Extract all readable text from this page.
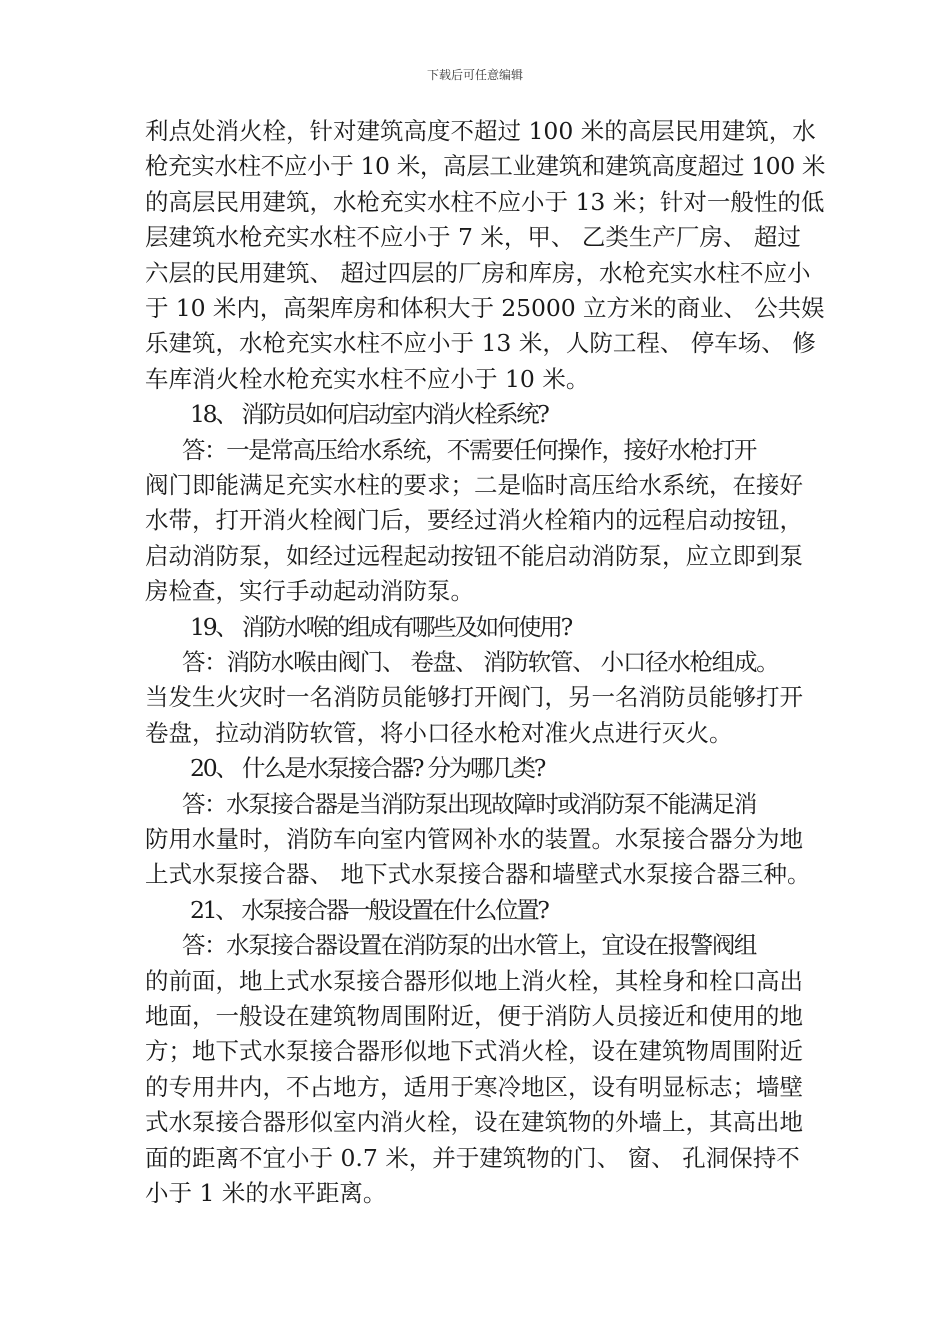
下载后可任意编辑
利点处消火栓，针对建筑高度不超过 100 米的高层民用建筑，水
枪充实水柱不应小于 10 米，高层工业建筑和建筑高度超过 100 米
的高层民用建筑，水枪充实水柱不应小于 13 米；针对一般性的低
层建筑水枪充实水柱不应小于 7 米，甲、 乙类生产厂房、 超过
六层的民用建筑、 超过四层的厂房和库房，水枪充实水柱不应小
于 10 米内，高架库房和体积大于 25000 立方米的商业、 公共娱
乐建筑，水枪充实水柱不应小于 13 米，人防工程、 停车场、 修
车库消火栓水枪充实水柱不应小于 10 米。
18、 消防员如何启动室内消火栓系统?
答：一是常高压给水系统，不需要任何操作，接好水枪打开
阀门即能满足充实水柱的要求；二是临时高压给水系统，在接好
水带，打开消火栓阀门后，要经过消火栓箱内的远程启动按钮，
启动消防泵，如经过远程起动按钮不能启动消防泵，应立即到泵
房检查，实行手动起动消防泵。
19、 消防水喉的组成有哪些及如何使用?
答：消防水喉由阀门、 卷盘、 消防软管、 小口径水枪组成。
当发生火灾时一名消防员能够打开阀门，另一名消防员能够打开
卷盘，拉动消防软管，将小口径水枪对准火点进行灭火。
20、 什么是水泵接合器? 分为哪几类?
答：水泵接合器是当消防泵出现故障时或消防泵不能满足消
防用水量时，消防车向室内管网补水的装置。水泵接合器分为地
上式水泵接合器、 地下式水泵接合器和墙壁式水泵接合器三种。
21、 水泵接合器一般设置在什么位置?
答：水泵接合器设置在消防泵的出水管上，宜设在报警阀组
的前面，地上式水泵接合器形似地上消火栓，其栓身和栓口高出
地面，一般设在建筑物周围附近，便于消防人员接近和使用的地
方；地下式水泵接合器形似地下式消火栓，设在建筑物周围附近
的专用井内，不占地方，适用于寒冷地区，设有明显标志；墙壁
式水泵接合器形似室内消火栓，设在建筑物的外墙上，其高出地
面的距离不宜小于 0.7 米，并于建筑物的门、 窗、 孔洞保持不
小于 1 米的水平距离。
